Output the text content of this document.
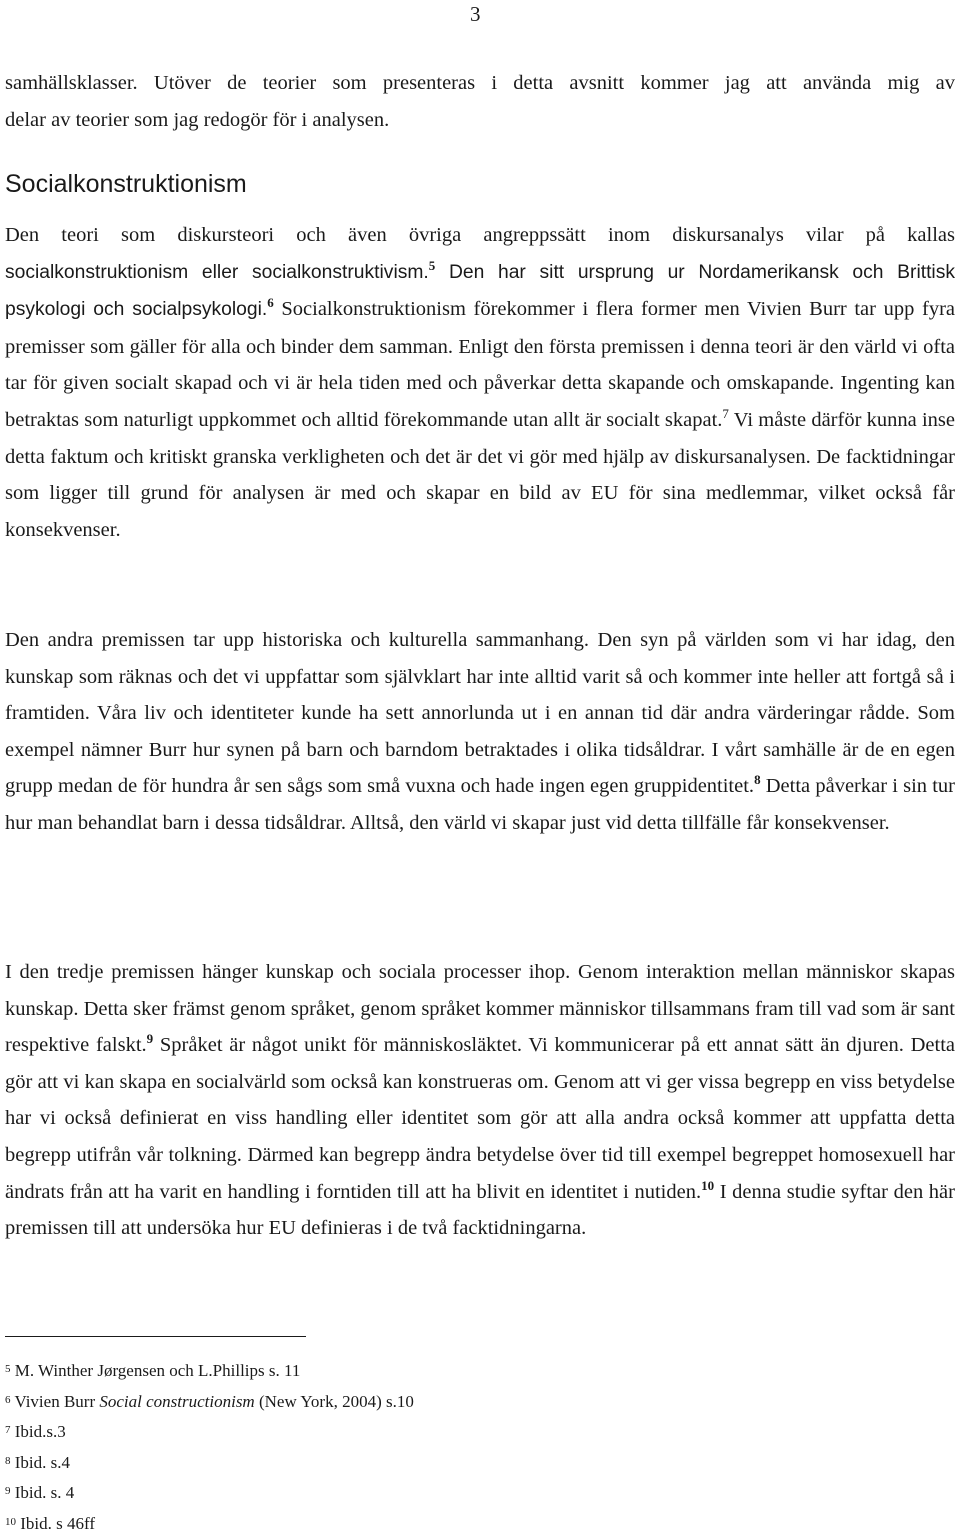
3

samhällsklasser. Utöver de teorier som presenteras i detta avsnitt kommer jag att använda mig av
delar av teorier som jag redogör för i analysen.

Socialkonstruktionism

Den teori som diskursteori och även övriga angreppssätt inom diskursanalys vilar på kallas
socialkonstruktionism eller socialkonstruktivism.$^5$ Den har sitt ursprung ur Nordamerikansk och Brittisk psykologi och socialpsykologi.$^6$ Socialkonstruktionism förekommer i flera former men Vivien Burr tar upp fyra premisser som gäller för alla och binder dem samman. Enligt den första premissen i denna teori är den värld vi ofta tar för given socialt skapad och vi är hela tiden med och påverkar detta skapande och omskapande. Ingenting kan betraktas som naturligt uppkommet och alltid förekommande utan allt är socialt skapat.$^7$ Vi måste därför kunna inse detta faktum och kritiskt granska verkligheten och det är det vi gör med hjälp av diskursanalysen. De facktidningar som ligger till grund för analysen är med och skapar en bild av EU för sina medlemmar, vilket också får konsekvenser.

Den andra premissen tar upp historiska och kulturella sammanhang. Den syn på världen som vi har idag, den kunskap som räknas och det vi uppfattar som självklart har inte alltid varit så och kommer inte heller att fortgå så i framtiden. Våra liv och identiteter kunde ha sett annorlunda ut i en annan tid där andra värderingar rådde. Som exempel nämner Burr hur synen på barn och barndom betraktades i olika tidsåldrar. I vårt samhälle är de en egen grupp medan de för hundra år sen sågs som små vuxna och hade ingen egen gruppidentitet.$^8$ Detta påverkar i sin tur hur man behandlat barn i dessa tidsåldrar. Alltså, den värld vi skapar just vid detta tillfälle får konsekvenser.

I den tredje premissen hänger kunskap och sociala processer ihop. Genom interaktion mellan människor skapas kunskap. Detta sker främst genom språket, genom språket kommer människor tillsammans fram till vad som är sant respektive falskt.$^9$ Språket är något unikt för människosläktet. Vi kommunicerar på ett annat sätt än djuren. Detta gör att vi kan skapa en socialvärld som också kan konstrueras om. Genom att vi ger vissa begrepp en viss betydelse har vi också definierat en viss handling eller identitet som gör att alla andra också kommer att uppfatta detta begrepp utifrån vår tolkning. Därmed kan begrepp ändra betydelse över tid till exempel begreppet homosexuell har ändrats från att ha varit en handling i forntiden till att ha blivit en identitet i nutiden.$^{10}$ I denna studie syftar den här premissen till att undersöka hur EU definieras i de två facktidningarna.

$^5$ M. Winther Jørgensen och L.Phillips s. 11

$^6$ Vivien Burr Social constructionism (New York, 2004) s.10

$^7$ Ibid.s.3

$^8$ Ibid. s.4

$^9$ Ibid. s. 4

$^{10}$ Ibid. s 46ff
